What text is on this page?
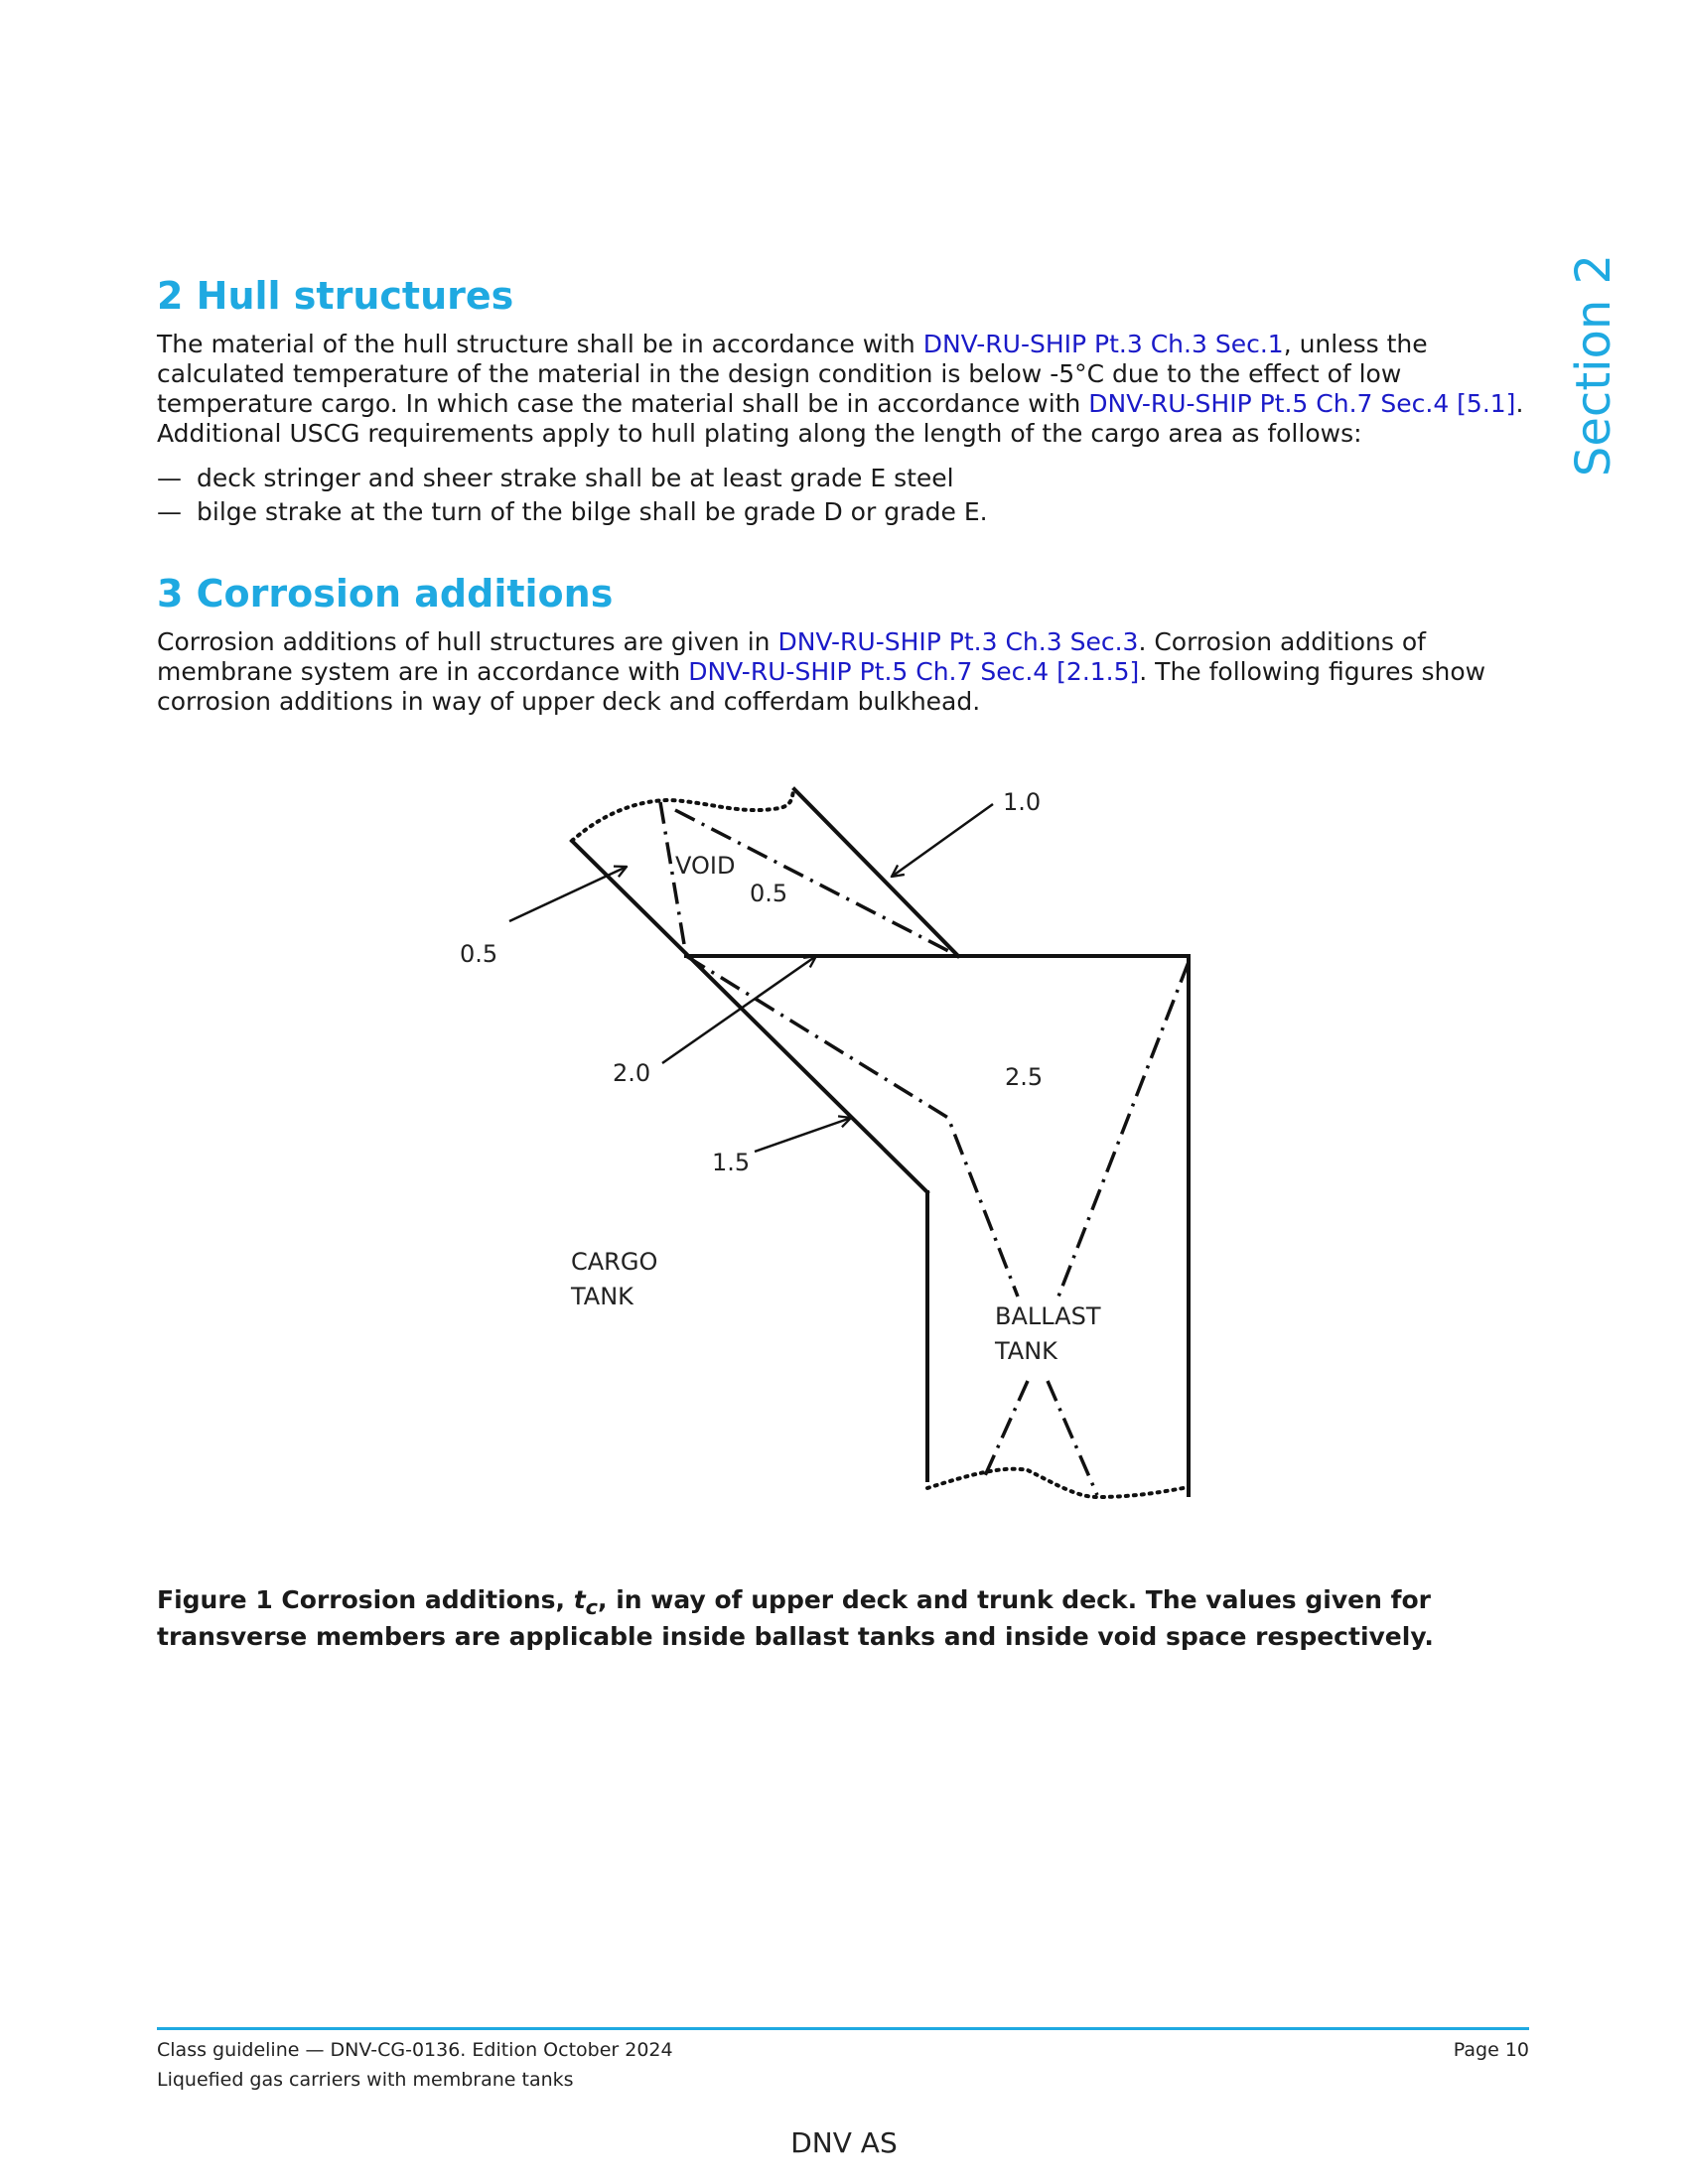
Section 2
2 Hull structures

The material of the hull structure shall be in accordance with DNV-RU-SHIP Pt.3 Ch.3 Sec.1, unless the calculated temperature of the material in the design condition is below -5°C due to the effect of low temperature cargo. In which case the material shall be in accordance with DNV-RU-SHIP Pt.5 Ch.7 Sec.4 [5.1]. Additional USCG requirements apply to hull plating along the length of the cargo area as follows:

— deck stringer and sheer strake shall be at least grade E steel
— bilge strake at the turn of the bilge shall be grade D or grade E.
3 Corrosion additions

Corrosion additions of hull structures are given in DNV-RU-SHIP Pt.3 Ch.3 Sec.3. Corrosion additions of membrane system are in accordance with DNV-RU-SHIP Pt.5 Ch.7 Sec.4 [2.1.5]. The following figures show corrosion additions in way of upper deck and cofferdam bulkhead.

Figure 1 Corrosion additions, $t_c$, in way of upper deck and trunk deck. The values given for transverse members are applicable inside ballast tanks and inside void space respectively.

1.0
VOID
0.5
0.5
2.0	2.5
1.5
CARGO
TANK
BALLAST
TANK
Class guideline — DNV-CG-0136. Edition October 2024
Liquefied gas carriers with membrane tanks
Page 10
DNV AS
